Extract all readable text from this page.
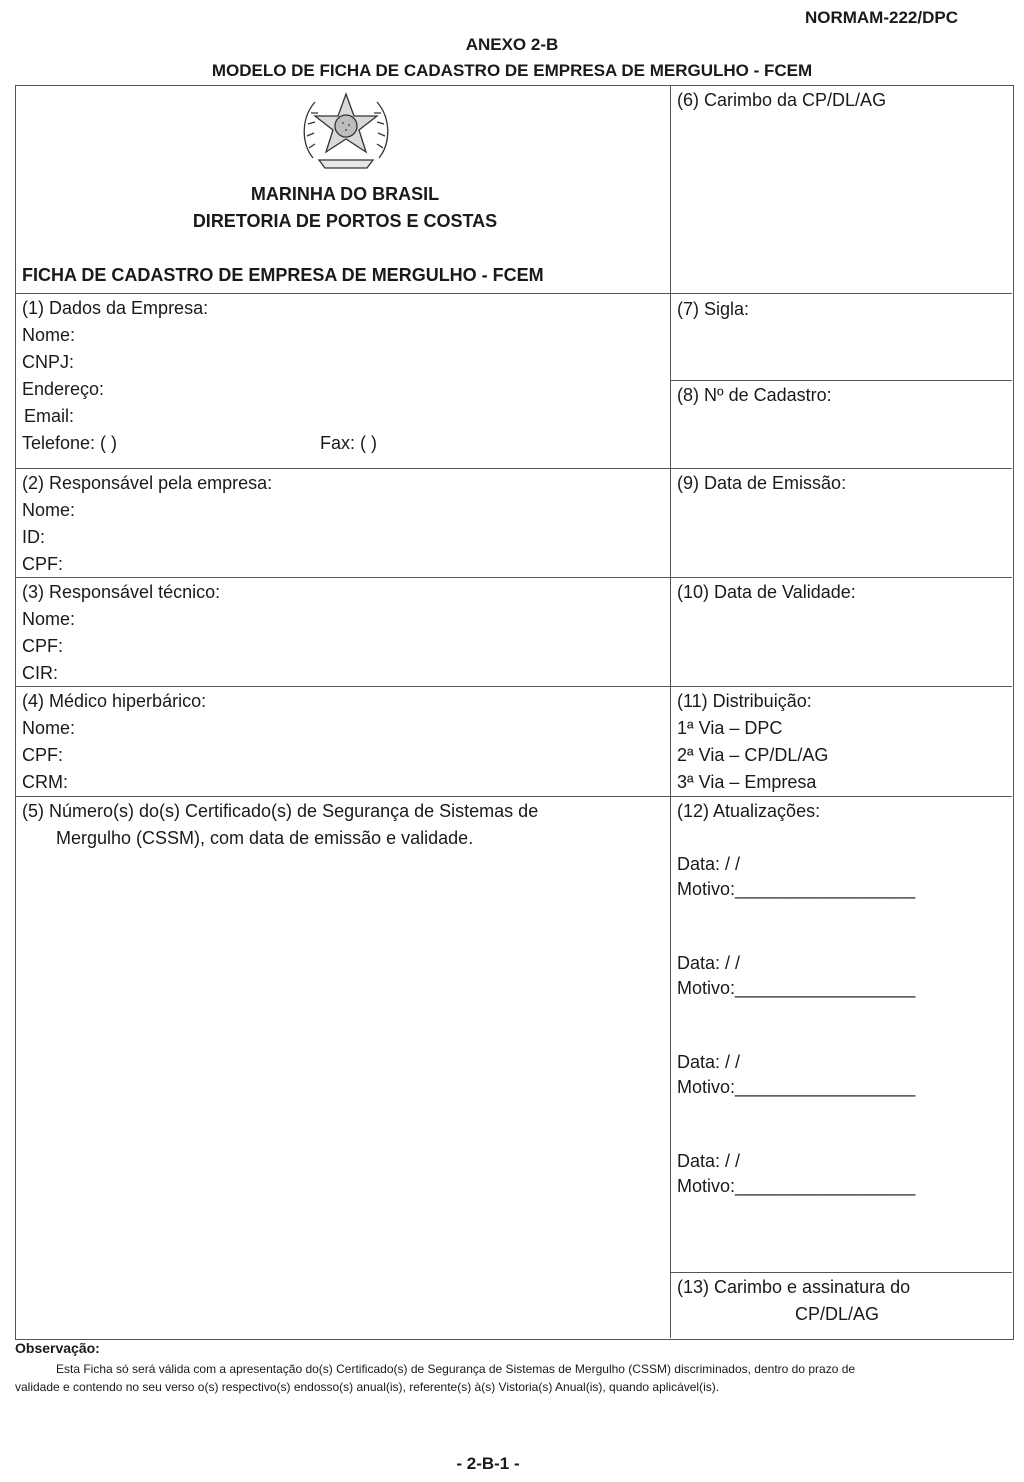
NORMAM-222/DPC
ANEXO 2-B
MODELO DE FICHA DE CADASTRO DE EMPRESA DE MERGULHO - FCEM
MARINHA DO BRASIL
DIRETORIA DE PORTOS E COSTAS
FICHA DE CADASTRO DE EMPRESA DE MERGULHO - FCEM
(1) Dados da Empresa:
Nome:
CNPJ:
Endereço:
Email:
Telefone: ( )	Fax: ( )
(2) Responsável pela empresa:
Nome:
ID:
CPF:
(3) Responsável técnico:
Nome:
CPF:
CIR:
(4) Médico hiperbárico:
Nome:
CPF:
CRM:
(5) Número(s) do(s) Certificado(s) de Segurança de Sistemas de
Mergulho (CSSM), com data de emissão e validade.
(6) Carimbo da CP/DL/AG
(7) Sigla:
(8) Nº de Cadastro:
(9) Data de Emissão:
(10) Data de Validade:
(11) Distribuição:
1ª Via – DPC
2ª Via – CP/DL/AG
3ª Via – Empresa
(12) Atualizações:
Data: / /
Motivo:__________________
Data: / /
Motivo:__________________
Data: / /
Motivo:__________________
Data: / /
Motivo:__________________
(13) Carimbo e assinatura do
CP/DL/AG
Observação:
Esta Ficha só será válida com a apresentação do(s) Certificado(s) de Segurança de Sistemas de Mergulho (CSSM) discriminados, dentro do prazo de
validade e contendo no seu verso o(s) respectivo(s) endosso(s) anual(is), referente(s) à(s) Vistoria(s) Anual(is), quando aplicável(is).
- 2-B-1 -
